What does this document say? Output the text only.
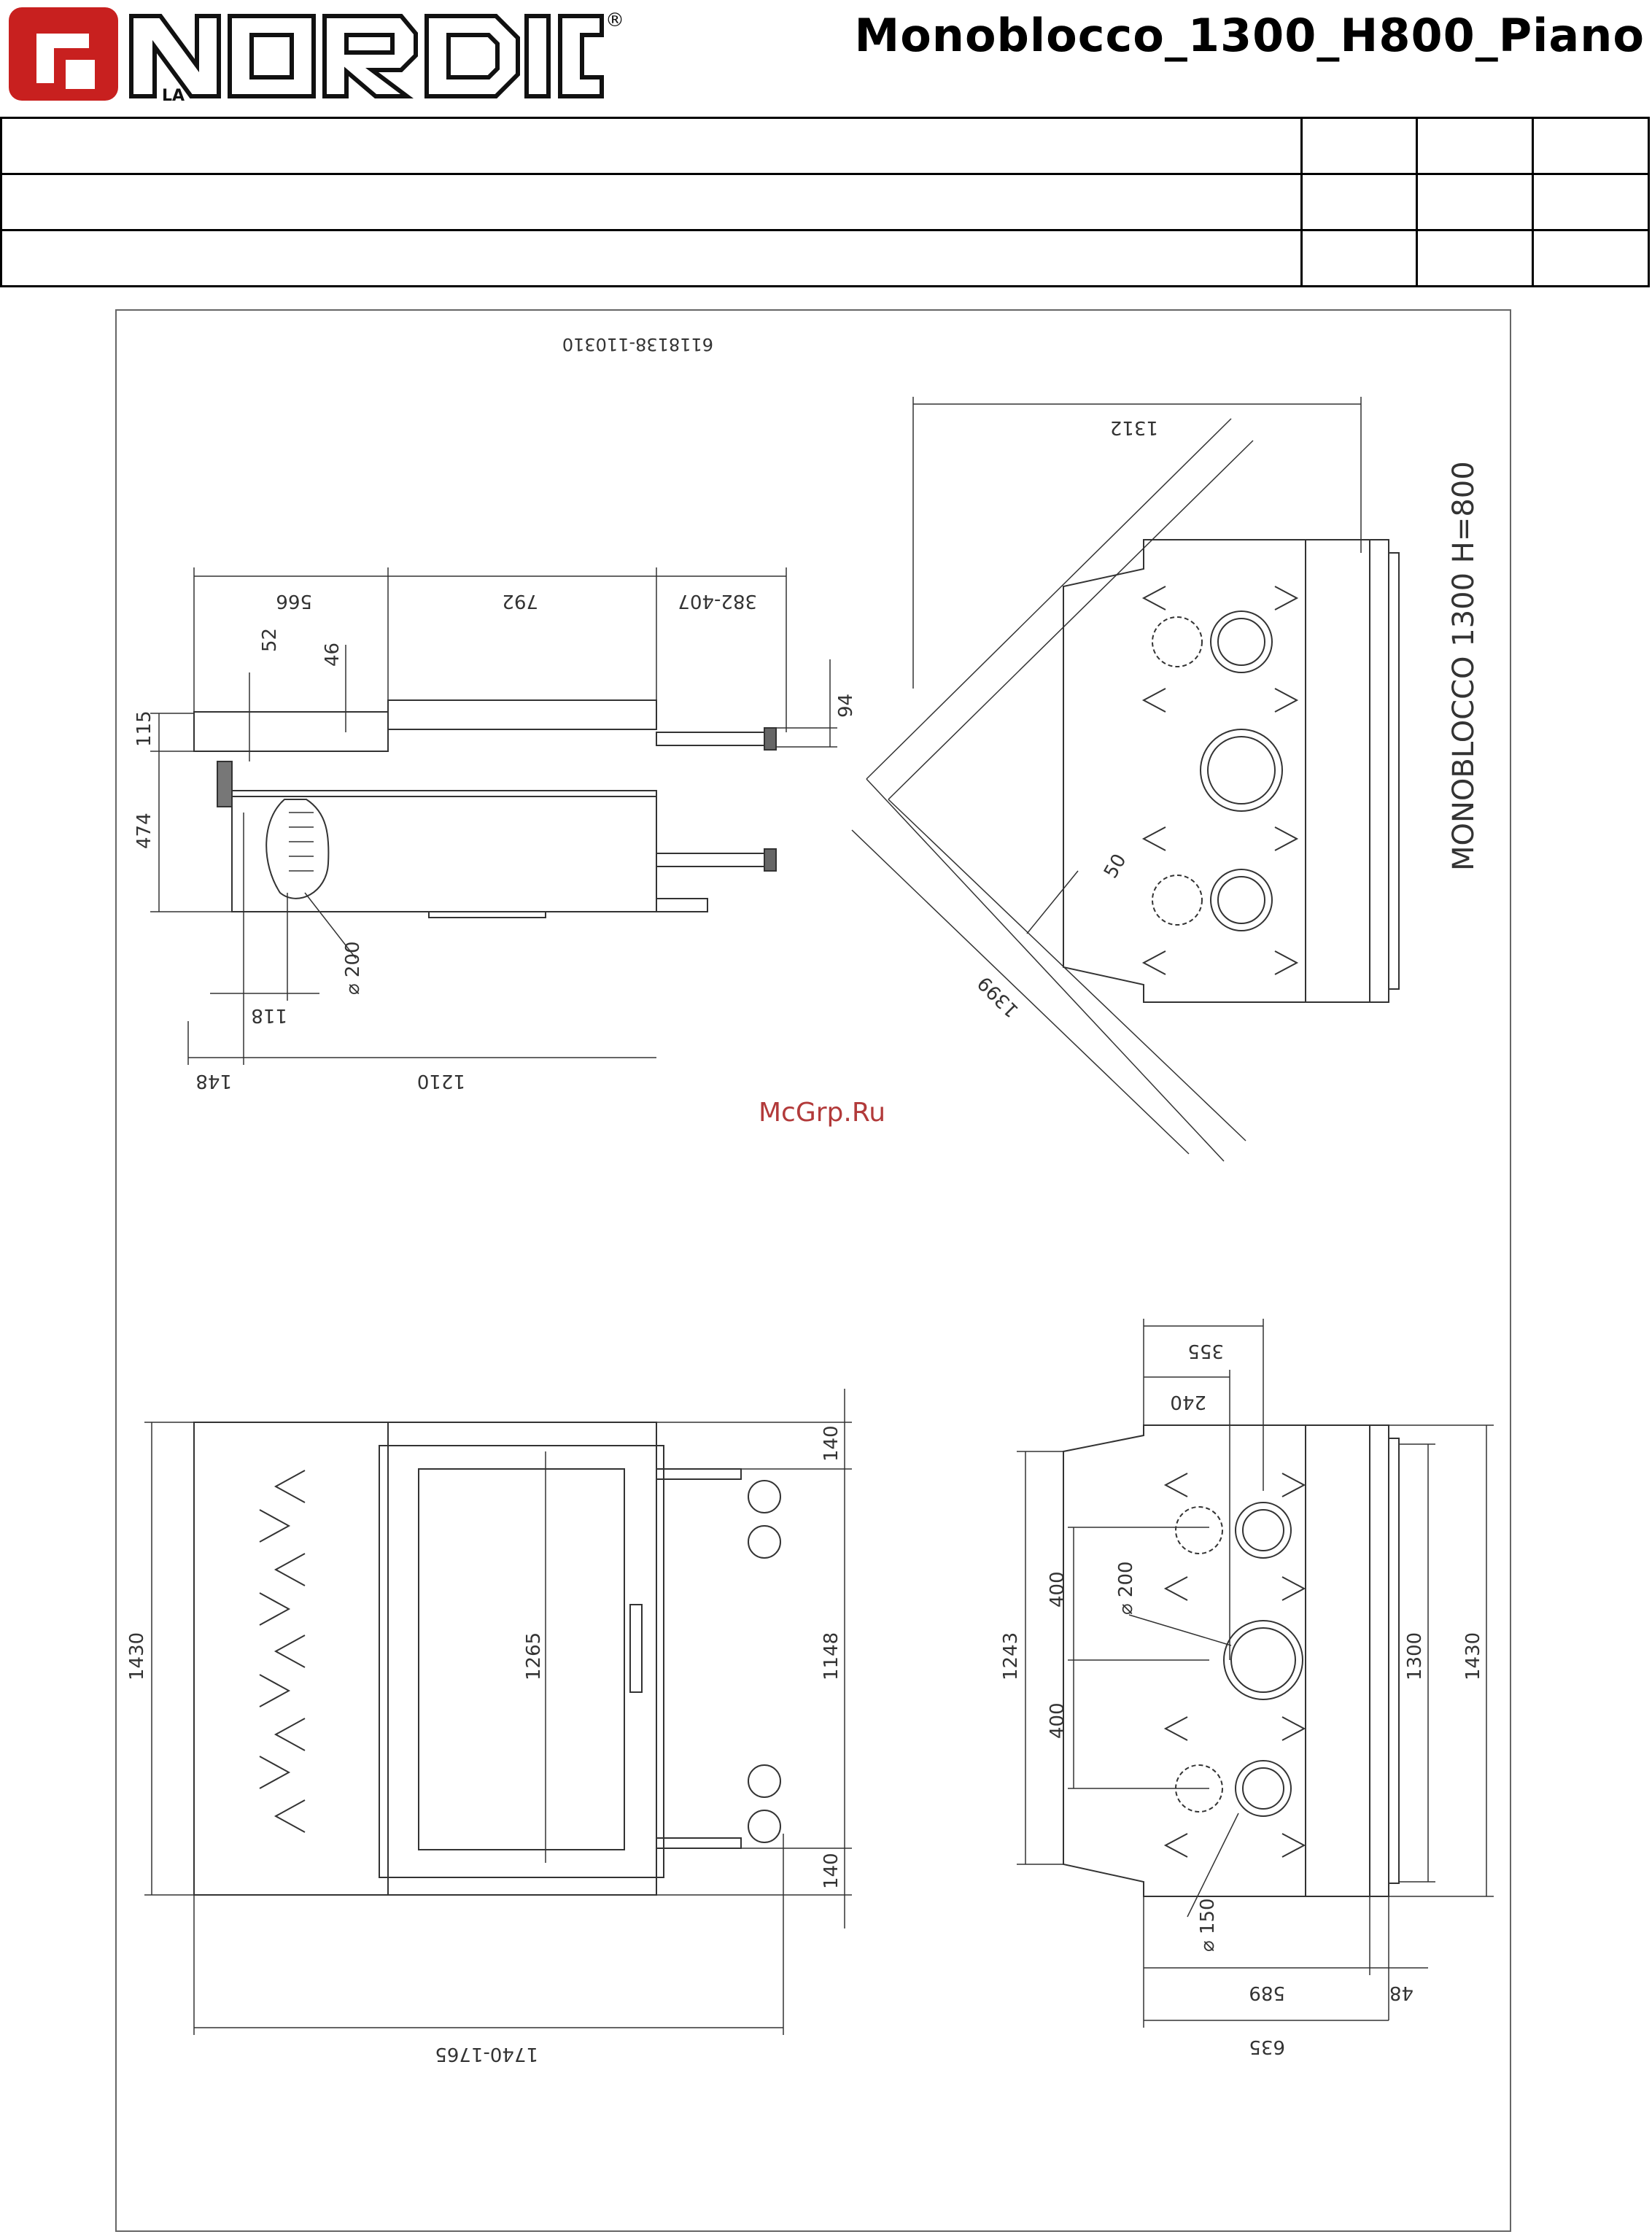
LA
®	Monoblocco_1300_H800_Piano

6118138-110310
566	792	382-407
52
46
115
474
94
118
⌀ 200
148	1210
1312
50
1399
MONOBLOCCO 1300 H=800
1430	1265
140
1148
140
1740-1765
355
240
⌀ 200
400
400
1243	1300 1430
⌀ 150
589	48
635
McGrp.Ru
